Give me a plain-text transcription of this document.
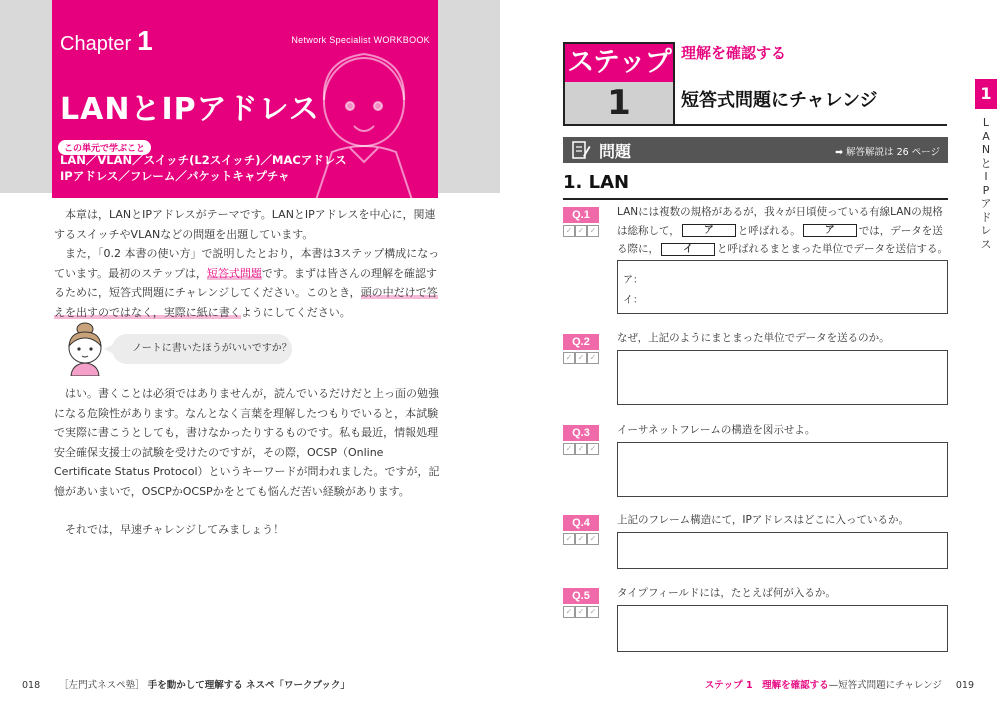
Chapter 1	Network Specialist WORKBOOK
LANとIPアドレス
この単元で学ぶこと
LAN／VLAN／スイッチ(L2スイッチ)／MACアドレス
IPアドレス／フレーム／パケットキャプチャ

本章は，LANとIPアドレスがテーマです。LANとIPアドレスを中心に，関連するスイッチやVLANなどの問題を出題しています。

また，「0.2 本書の使い方」で説明したとおり，本書は3ステップ構成になっています。最初のステップは，短答式問題です。まずは皆さんの理解を確認するために，短答式問題にチャレンジしてください。このとき，頭の中だけで答えを出すのではなく，実際に紙に書くようにしてください。

ノートに書いたほうがいいですか？

はい。書くことは必須ではありませんが，読んでいるだけだと上っ面の勉強になる危険性があります。なんとなく言葉を理解したつもりでいると，本試験で実際に書こうとしても，書けなかったりするものです。私も最近，情報処理安全確保支援士の試験を受けたのですが，その際，OCSP（Online Certificate Status Protocol）というキーワードが問われました。ですが，記憶があいまいで，OSCPかOCSPかをとても悩んだ苦い経験があります。

それでは，早速チャレンジしてみましょう！

018 ［左門式ネスペ塾］ 手を動かして理解する ネスペ「ワークブック」
ステップ
1
理解を確認する
短答式問題にチャレンジ
問題	➡ 解答解説は 26 ページ
1. LAN
Q.1
✓ ✓ ✓
LANには複数の規格があるが，我々が日頃使っている有線LANの規格は総称して， ア と呼ばれる。 ア では，データを送る際に， イ と呼ばれるまとまった単位でデータを送信する。
ア：
イ：
Q.2
✓ ✓ ✓
なぜ，上記のようにまとまった単位でデータを送るのか。
Q.3
✓ ✓ ✓
イーサネットフレームの構造を図示せよ。
Q.4
✓ ✓ ✓
上記のフレーム構造にて，IPアドレスはどこに入っているか。
Q.5
✓ ✓ ✓
タイプフィールドには，たとえば何が入るか。
1
L
A
N
と
I
P
ア
ド
レ
ス
ステップ 1　理解を確認する—短答式問題にチャレンジ 019
